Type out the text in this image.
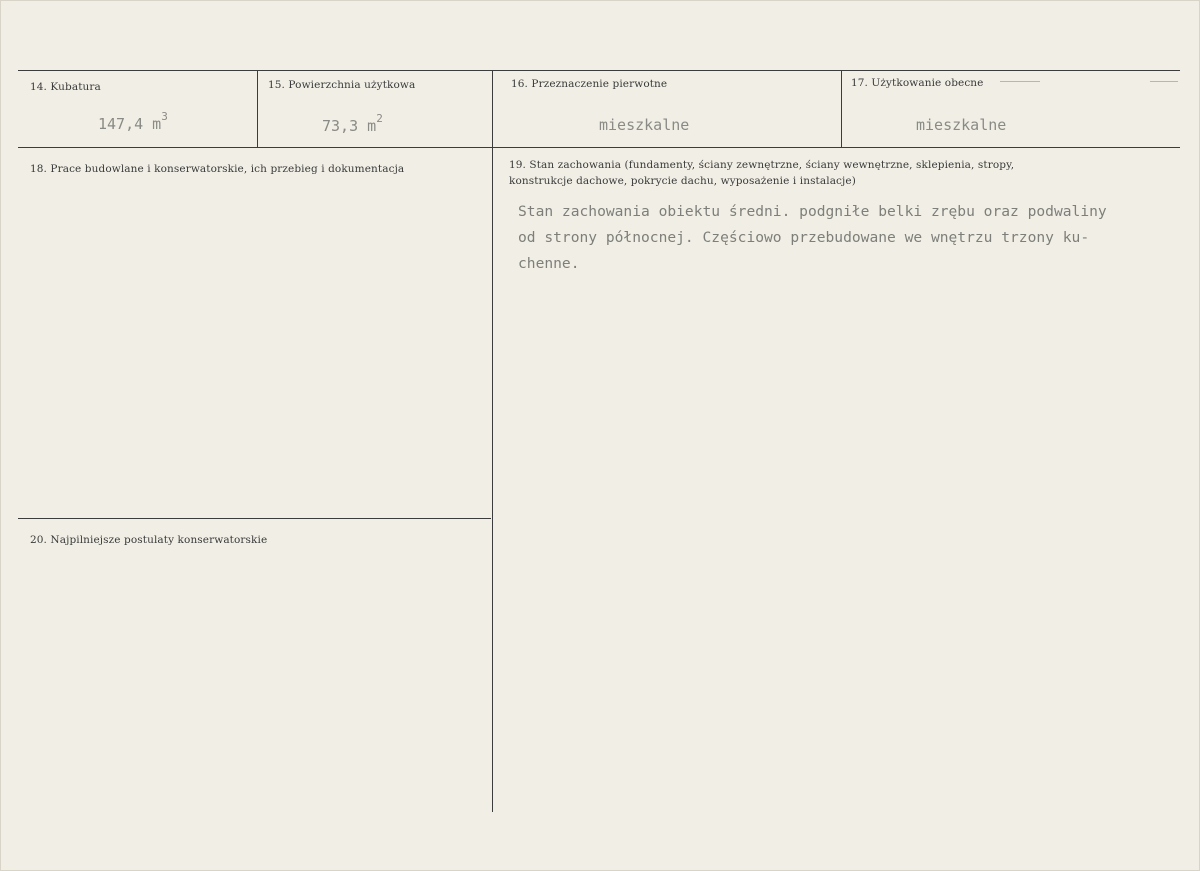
14. Kubatura
147,4 $m^3$
15. Powierzchnia użytkowa
73,3 $m^2$
16. Przeznaczenie pierwotne
mieszkalne
17. Użytkowanie obecne
mieszkalne
18. Prace budowlane i konserwatorskie, ich przebieg i dokumentacja	19. Stan zachowania (fundamenty, ściany zewnętrzne, ściany wewnętrzne, sklepienia, stropy,
konstrukcje dachowe, pokrycie dachu, wyposażenie i instalacje)
Stan zachowania obiektu średni. podgniłe belki zrębu oraz podwaliny
od strony północnej. Częściowo przebudowane we wnętrzu trzony ku-
chenne.
20. Najpilniejsze postulaty konserwatorskie
